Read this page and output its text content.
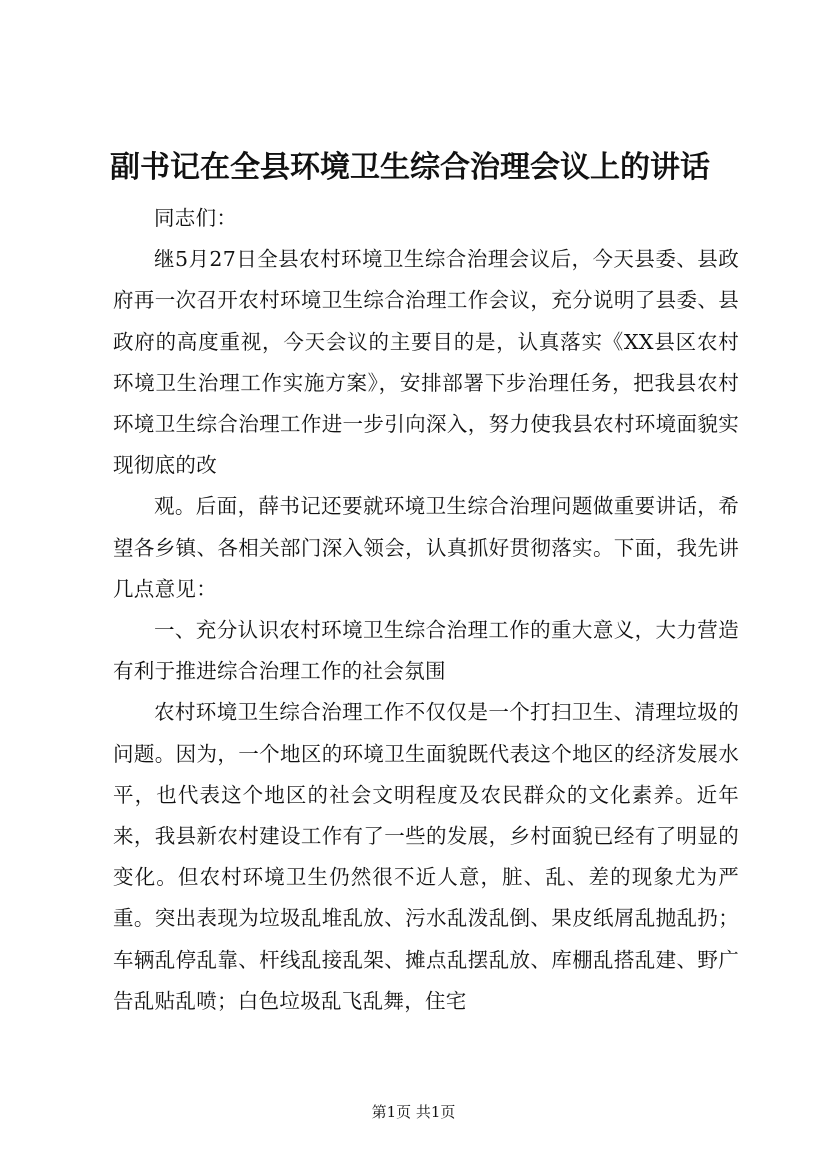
副书记在全县环境卫生综合治理会议上的讲话

同志们：

继5月27日全县农村环境卫生综合治理会议后，今天县委、县政府再一次召开农村环境卫生综合治理工作会议，充分说明了县委、县政府的高度重视，今天会议的主要目的是，认真落实《XX县区农村环境卫生治理工作实施方案》，安排部署下步治理任务，把我县农村环境卫生综合治理工作进一步引向深入，努力使我县农村环境面貌实现彻底的改

观。后面，薛书记还要就环境卫生综合治理问题做重要讲话，希望各乡镇、各相关部门深入领会，认真抓好贯彻落实。下面，我先讲几点意见：

一、充分认识农村环境卫生综合治理工作的重大意义，大力营造有利于推进综合治理工作的社会氛围

农村环境卫生综合治理工作不仅仅是一个打扫卫生、清理垃圾的问题。因为，一个地区的环境卫生面貌既代表这个地区的经济发展水平，也代表这个地区的社会文明程度及农民群众的文化素养。近年来，我县新农村建设工作有了一些的发展，乡村面貌已经有了明显的变化。但农村环境卫生仍然很不近人意，脏、乱、差的现象尤为严重。突出表现为垃圾乱堆乱放、污水乱泼乱倒、果皮纸屑乱抛乱扔；车辆乱停乱靠、杆线乱接乱架、摊点乱摆乱放、库棚乱搭乱建、野广告乱贴乱喷；白色垃圾乱飞乱舞，住宅

第1页 共1页
